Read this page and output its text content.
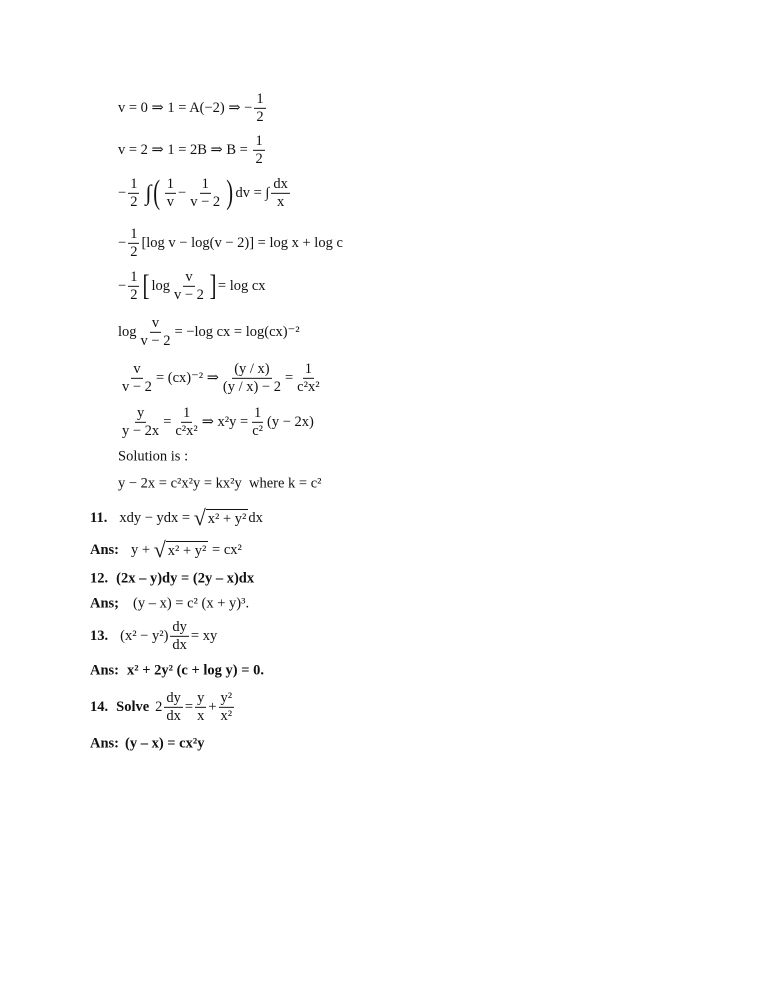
v = 0 ⇒ 1 = A(−2) ⇒ − $\frac{1}{2}$
v = 2 ⇒ 1 = 2B ⇒ $B = \frac{1}{2}$
− $\frac{1}{2}$ ∫ ( $\frac{1}{v} - \frac{1}{v - 2}$ ) dv = ∫ $\frac{dx}{x}$
− $\frac{1}{2} [\log$ v − log(v − 2)] = log x + log c
− $\frac{1}{2}$ [ $\log \frac{v}{v - 2}$ ] = log cx
$\log \frac{v}{v - 2} = -\log$ cx = log(cx)⁻²
$\frac{v}{v - 2} = (cx)^{-2}$ ⇒ $\frac{(y / x)}{(y / x) - 2} = \frac{1}{\text{c²x²}}$
$\frac{y}{y - 2x} = \frac{1}{\text{c²x²}}$ ⇒ $x^2y = \frac{1}{\text{c²}} (y - 2x)$
Solution is :
y − 2x = c²x²y = kx²y  where k = c²
11. xdy − ydx = √ x² + y² dx
Ans: y + √ x² + y² = cx²
12. (2x – y)dy = (2y – x)dx
Ans; (y – x) = c² (x + y)³.
13. $(x^2 - y^2) \frac{dy}{dx}$ = xy
Ans: x² + 2y² (c + log y) = 0.
14. Solve $2 \frac{dy}{dx} = \frac{y}{x} + \frac{\text{y²}}{\text{x²}}$
Ans: (y – x) = cx²y
